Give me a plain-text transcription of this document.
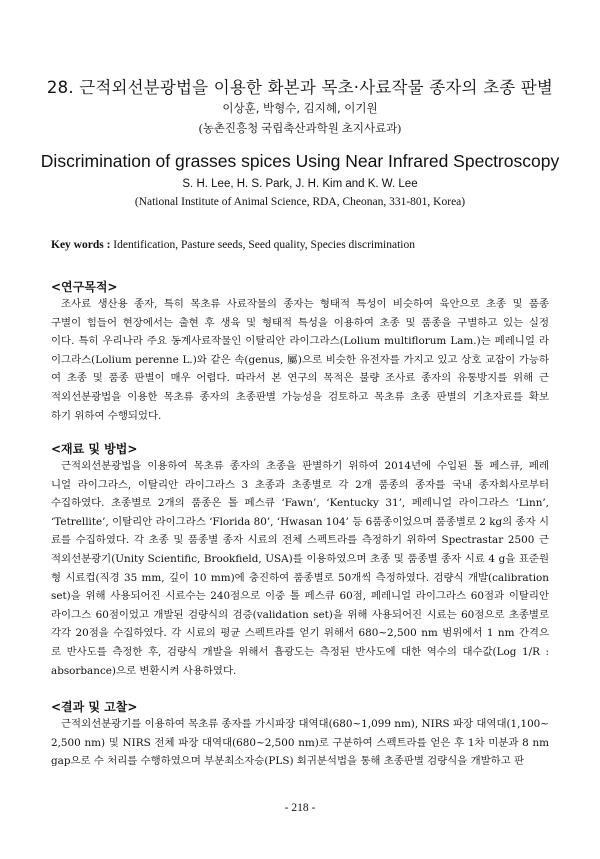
28. 근적외선분광법을 이용한 화본과 목초·사료작물 종자의 초종 판별
이상훈, 박형수, 김지혜, 이기원
(농촌진흥청 국립축산과학원 초지사료과)
Discrimination of grasses spices Using Near Infrared Spectroscopy
S. H. Lee, H. S. Park, J. H. Kim and K. W. Lee
(National Institute of Animal Science, RDA, Cheonan, 331-801, Korea)
Key words : Identification, Pasture seeds, Seed quality, Species discrimination
<연구목적>
조사료 생산용 종자, 특히 목초류 사료작물의 종자는 형태적 특성이 비슷하여 육안으로 초종 및 품종
구별이 힘들어 현장에서는 출현 후 생육 및 형태적 특성을 이용하여 초종 및 품종을 구별하고 있는 실정
이다. 특히 우리나라 주요 동계사료작물인 이탈리안 라이그라스(Lolium multiflorum Lam.)는 페레니얼 라
이그라스(Lolium perenne L.)와 같은 속(genus, 屬)으로 비슷한 유전자를 가지고 있고 상호 교잡이 가능하
여 초종 및 품종 판별이 매우 어렵다. 따라서 본 연구의 목적은 불량 조사료 종자의 유통방지를 위해 근
적외선분광법을 이용한 목초류 종자의 초종판별 가능성을 검토하고 목초류 초종 판별의 기초자료를 확보
하기 위하여 수행되었다.
<재료 및 방법>
근적외선분광법을 이용하여 목초류 종자의 초종을 판별하기 위하여 2014년에 수입된 톨 페스큐, 페레
니얼 라이그라스, 이탈리안 라이그라스 3 초종과 초종별로 각 2개 품종의 종자를 국내 종자회사로부터
수집하였다. 초종별로 2개의 품종은 톨 페스큐 ‘Fawn’, ‘Kentucky 31’, 페레니얼 라이그라스 ‘Linn’,
‘Tetrellite’, 이탈리안 라이그라스 ‘Florida 80’, ‘Hwasan 104’ 등 6품종이었으며 품종별로 2 kg의 종자 시
료를 수집하였다. 각 초종 및 품종별 종자 시료의 전체 스펙트라를 측정하기 위하여 Spectrastar 2500 근
적외선분광기(Unity Scientific, Brookfield, USA)를 이용하였으며 초종 및 품종별 종자 시료 4 g을 표준원
형 시료컵(직경 35 mm, 깊이 10 mm)에 충진하여 품종별로 50개씩 측정하였다. 검량식 개발(calibration
set)을 위해 사용되어진 시료수는 240점으로 이중 톨 페스큐 60점, 페레니얼 라이그라스 60점과 이탈리안
라이그스 60점이었고 개발된 검량식의 검증(validation set)을 위해 사용되어진 시료는 60점으로 초종별로
각각 20점을 수집하였다. 각 시료의 평균 스펙트라를 얻기 위해서 680~2,500 nm 범위에서 1 nm 간격으
로 반사도를 측정한 후, 검량식 개발을 위해서 흡광도는 측정된 반사도에 대한 역수의 대수값(Log 1/R :
absorbance)으로 변환시켜 사용하였다.
<결과 및 고찰>
근적외선분광기를 이용하여 목초류 종자를 가시파장 대역대(680~1,099 nm), NIRS 파장 대역대(1,100~
2,500 nm) 및 NIRS 전체 파장 대역대(680~2,500 nm)로 구분하여 스펙트라를 얻은 후 1차 미분과 8 nm
gap으로 수 처리를 수행하였으며 부분최소자승(PLS) 회귀분석법을 통해 초종판별 검량식을 개발하고 판
- 218 -
